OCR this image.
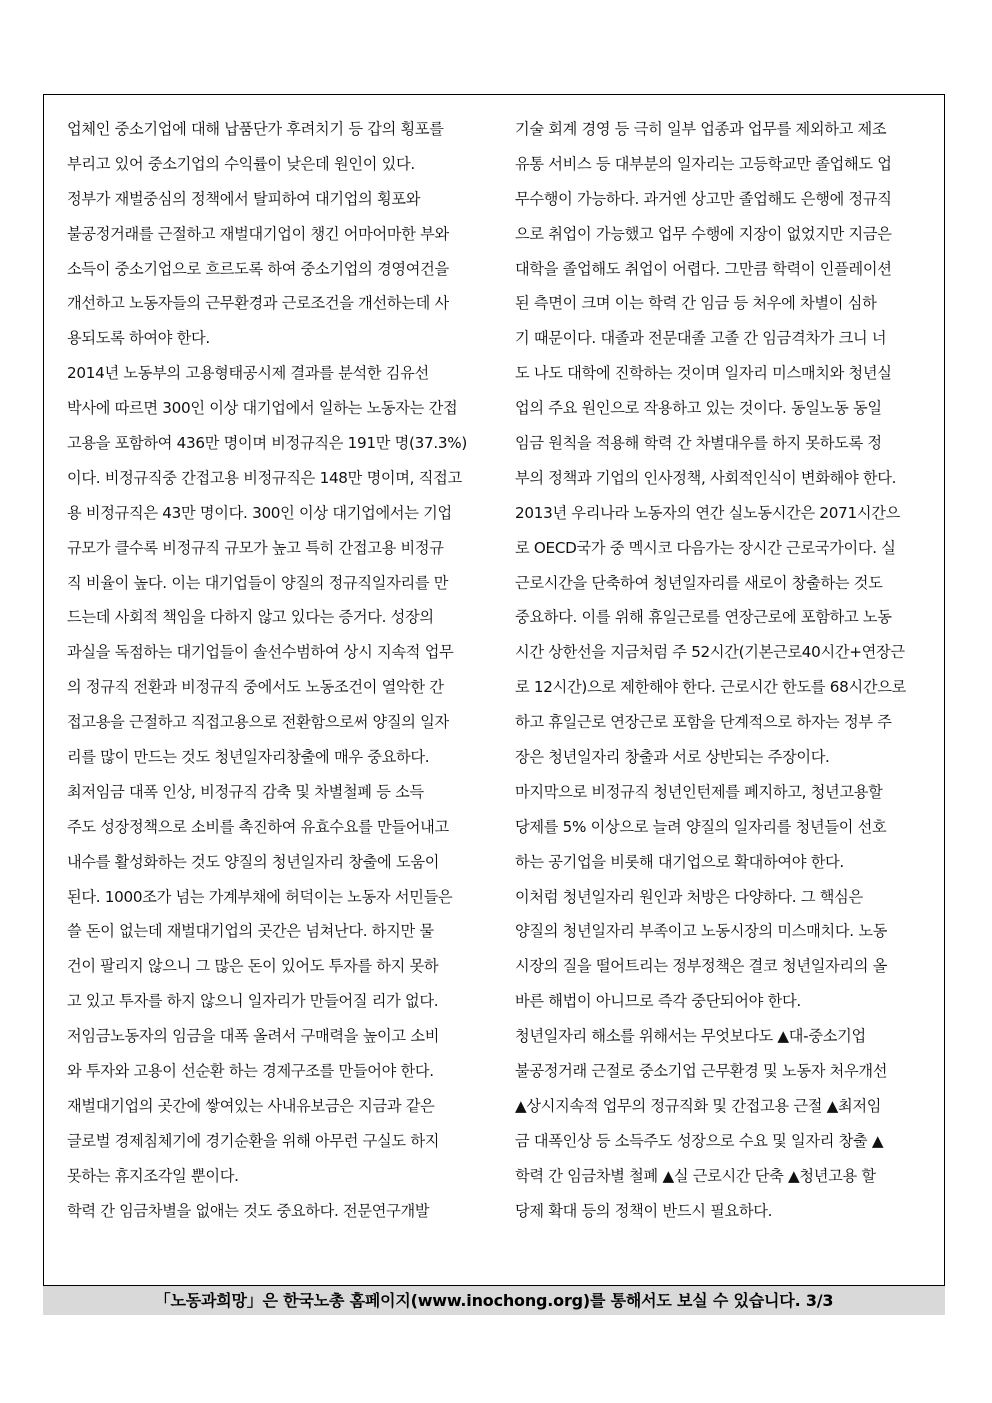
업체인 중소기업에 대해 납품단가 후려치기 등 갑의 횡포를
부리고 있어 중소기업의 수익률이 낮은데 원인이 있다.
정부가 재벌중심의 정책에서 탈피하여 대기업의 횡포와
불공정거래를 근절하고 재벌대기업이 챙긴 어마어마한 부와
소득이 중소기업으로 흐르도록 하여 중소기업의 경영여건을
개선하고 노동자들의 근무환경과 근로조건을 개선하는데 사
용되도록 하여야 한다.
2014년 노동부의 고용형태공시제 결과를 분석한 김유선
박사에 따르면 300인 이상 대기업에서 일하는 노동자는 간접
고용을 포함하여 436만 명이며 비정규직은 191만 명(37.3%)
이다. 비정규직중 간접고용 비정규직은 148만 명이며, 직접고
용 비정규직은 43만 명이다. 300인 이상 대기업에서는 기업
규모가 클수록 비정규직 규모가 높고 특히 간접고용 비정규
직 비율이 높다. 이는 대기업들이 양질의 정규직일자리를 만
드는데 사회적 책임을 다하지 않고 있다는 증거다. 성장의
과실을 독점하는 대기업들이 솔선수범하여 상시 지속적 업무
의 정규직 전환과 비정규직 중에서도 노동조건이 열악한 간
접고용을 근절하고 직접고용으로 전환함으로써 양질의 일자
리를 많이 만드는 것도 청년일자리창출에 매우 중요하다.
최저임금 대폭 인상, 비정규직 감축 및 차별철폐 등 소득
주도 성장정책으로 소비를 촉진하여 유효수요를 만들어내고
내수를 활성화하는 것도 양질의 청년일자리 창출에 도움이
된다. 1000조가 넘는 가계부채에 허덕이는 노동자 서민들은
쓸 돈이 없는데 재벌대기업의 곳간은 넘쳐난다. 하지만 물
건이 팔리지 않으니 그 많은 돈이 있어도 투자를 하지 못하
고 있고 투자를 하지 않으니 일자리가 만들어질 리가 없다.
저임금노동자의 임금을 대폭 올려서 구매력을 높이고 소비
와 투자와 고용이 선순환 하는 경제구조를 만들어야 한다.
재벌대기업의 곳간에 쌓여있는 사내유보금은 지금과 같은
글로벌 경제침체기에 경기순환을 위해 아무런 구실도 하지
못하는 휴지조각일 뿐이다.
학력 간 임금차별을 없애는 것도 중요하다. 전문연구개발
기술 회계 경영 등 극히 일부 업종과 업무를 제외하고 제조
유통 서비스 등 대부분의 일자리는 고등학교만 졸업해도 업
무수행이 가능하다. 과거엔 상고만 졸업해도 은행에 정규직
으로 취업이 가능했고 업무 수행에 지장이 없었지만 지금은
대학을 졸업해도 취업이 어렵다. 그만큼 학력이 인플레이션
된 측면이 크며 이는 학력 간 임금 등 처우에 차별이 심하
기 때문이다. 대졸과 전문대졸 고졸 간 임금격차가 크니 너
도 나도 대학에 진학하는 것이며 일자리 미스매치와 청년실
업의 주요 원인으로 작용하고 있는 것이다. 동일노동 동일
임금 원칙을 적용해 학력 간 차별대우를 하지 못하도록 정
부의 정책과 기업의 인사정책, 사회적인식이 변화해야 한다.
2013년 우리나라 노동자의 연간 실노동시간은 2071시간으
로 OECD국가 중 멕시코 다음가는 장시간 근로국가이다. 실
근로시간을 단축하여 청년일자리를 새로이 창출하는 것도
중요하다. 이를 위해 휴일근로를 연장근로에 포함하고 노동
시간 상한선을 지금처럼 주 52시간(기본근로40시간+연장근
로 12시간)으로 제한해야 한다. 근로시간 한도를 68시간으로
하고 휴일근로 연장근로 포함을 단계적으로 하자는 정부 주
장은 청년일자리 창출과 서로 상반되는 주장이다.
마지막으로 비정규직 청년인턴제를 폐지하고, 청년고용할
당제를 5% 이상으로 늘려 양질의 일자리를 청년들이 선호
하는 공기업을 비롯해 대기업으로 확대하여야 한다.
이처럼 청년일자리 원인과 처방은 다양하다. 그 핵심은
양질의 청년일자리 부족이고 노동시장의 미스매치다. 노동
시장의 질을 떨어트리는 정부정책은 결코 청년일자리의 올
바른 해법이 아니므로 즉각 중단되어야 한다.
청년일자리 해소를 위해서는 무엇보다도 ▲대-중소기업
불공정거래 근절로 중소기업 근무환경 및 노동자 처우개선
▲상시지속적 업무의 정규직화 및 간접고용 근절 ▲최저임
금 대폭인상 등 소득주도 성장으로 수요 및 일자리 창출 ▲
학력 간 임금차별 철폐 ▲실 근로시간 단축 ▲청년고용 할
당제 확대 등의 정책이 반드시 필요하다.
「노동과희망」은 한국노총 홈페이지(www.inochong.org)를 통해서도 보실 수 있습니다. 3/3
